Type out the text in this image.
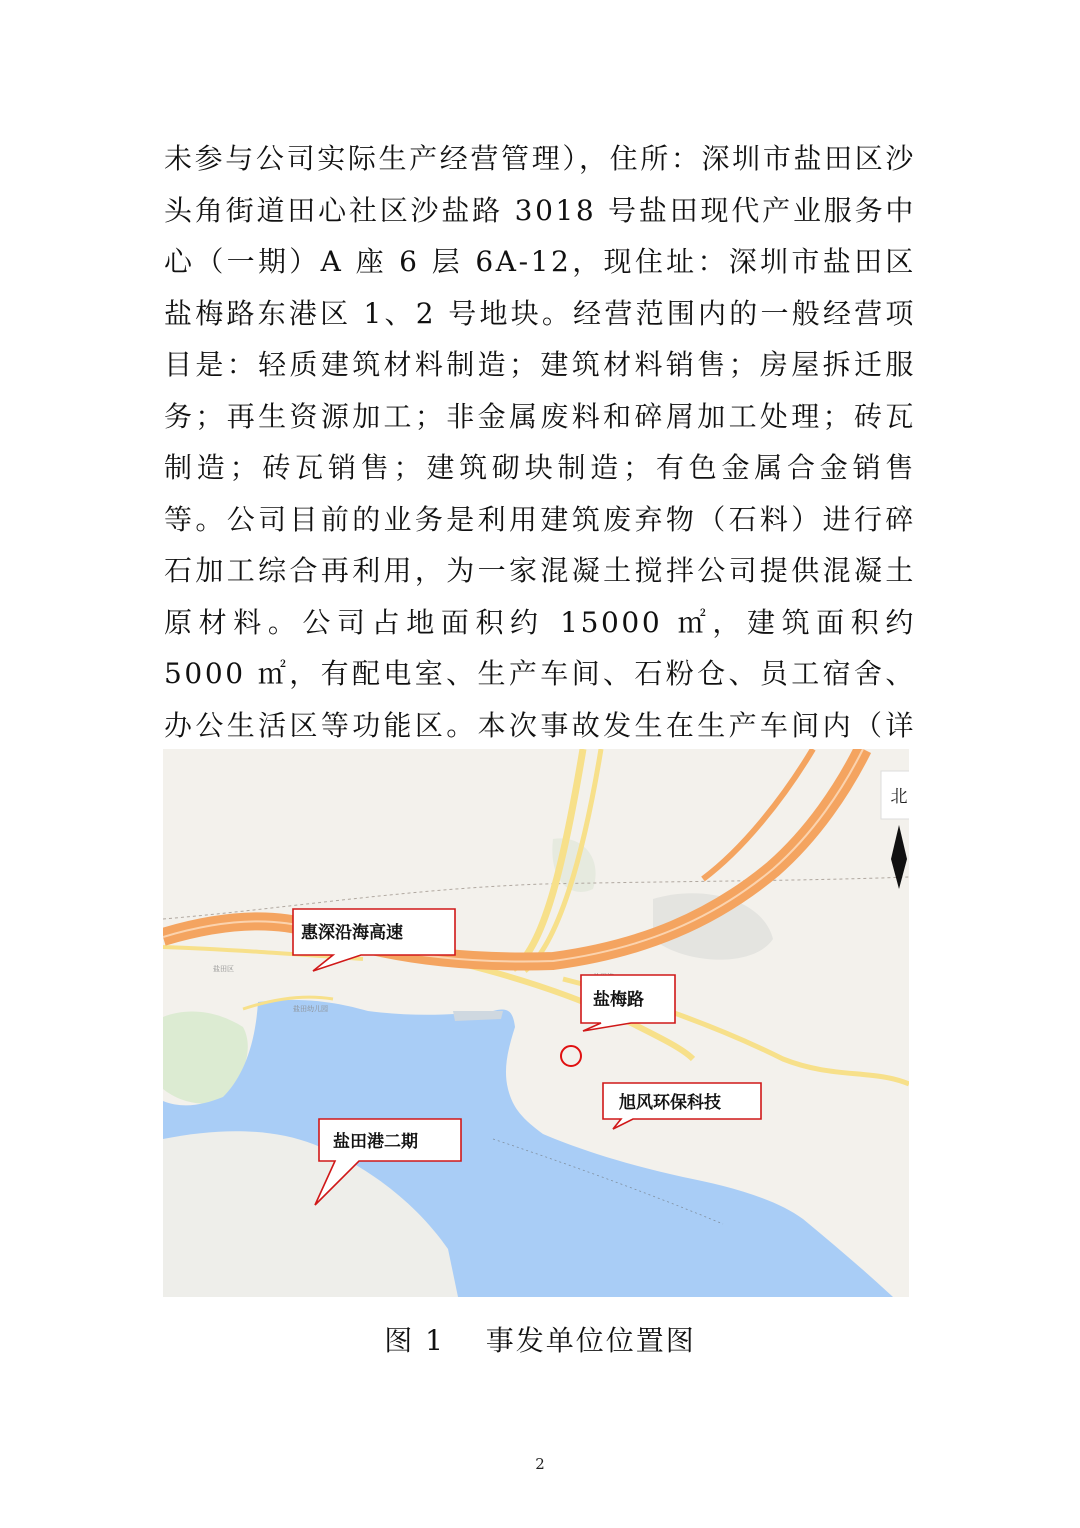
未参与公司实际生产经营管理），住所：深圳市盐田区沙头角街道田心社区沙盐路 3018 号盐田现代产业服务中心（一期）A 座 6 层 6A-12，现住址：深圳市盐田区盐梅路东港区 1、2 号地块。经营范围内的一般经营项目是：轻质建筑材料制造；建筑材料销售；房屋拆迁服务；再生资源加工；非金属废料和碎屑加工处理；砖瓦制造；砖瓦销售；建筑砌块制造；有色金属合金销售等。公司目前的业务是利用建筑废弃物（石料）进行碎石加工综合再利用，为一家混凝土搅拌公司提供混凝土原材料。公司占地面积约 15000 ㎡，建筑面积约 5000 ㎡，有配电室、生产车间、石粉仓、员工宿舍、办公生活区等功能区。本次事故发生在生产车间内（详

盐田区
盐田幼儿园
惠深沿海高速
盐梅路
旭风环保科技
盐田港二期
北
图 1　 事发单位位置图
2
